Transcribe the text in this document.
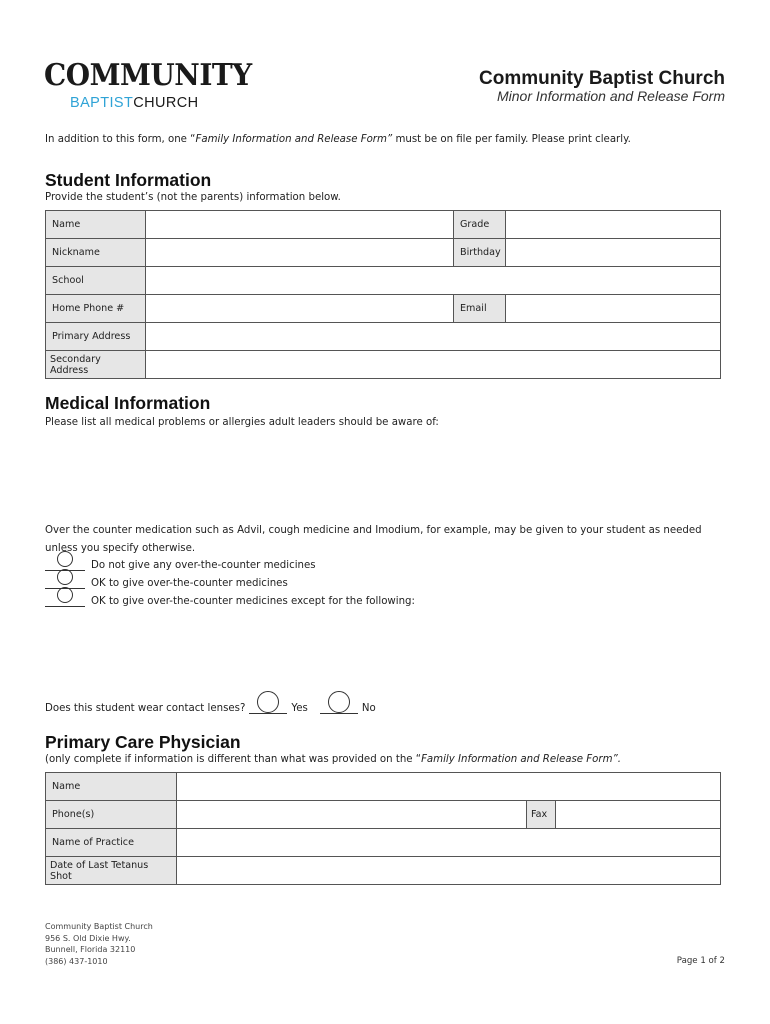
COMMUNITY
BAPTISTCHURCH
Community Baptist Church
Minor Information and Release Form
In addition to this form, one “Family Information and Release Form” must be on file per family. Please print clearly.
Student Information
Provide the student’s (not the parents) information below.
Name		Grade	
Nickname		Birthday	
School			
Home Phone #		Email	
Primary Address			
Secondary Address			
Medical Information
Please list all medical problems or allergies adult leaders should be aware of:
Over the counter medication such as Advil, cough medicine and Imodium, for example, may be given to your student as needed
unless you specify otherwise.
Do not give any over-the-counter medicines
OK to give over-the-counter medicines
OK to give over-the-counter medicines except for the following:
Does this student wear contact lenses?	Yes	No
Primary Care Physician
(only complete if information is different than what was provided on the “Family Information and Release Form”.
Name			
Phone(s)		Fax	
Name of Practice			
Date of Last Tetanus Shot			
Community Baptist Church
956 S. Old Dixie Hwy.
Bunnell, Florida 32110
(386) 437-1010	Page 1 of 2
